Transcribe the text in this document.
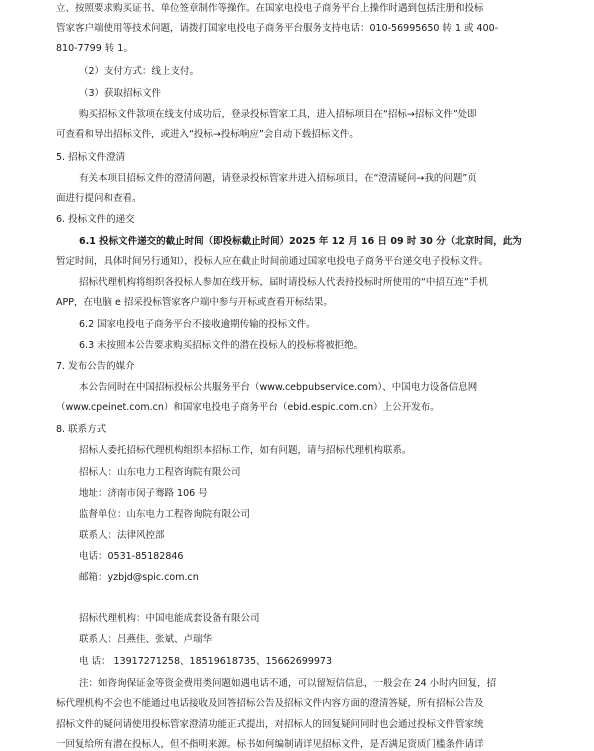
立、按照要求购买证书、单位签章制作等操作。在国家电投电子商务平台上操作时遇到包括注册和投标
管家客户端使用等技术问题，请拨打国家电投电子商务平台服务支持电话：010-56995650 转 1 或 400-
810-7799 转 1。
（2）支付方式：线上支付。
（3）获取招标文件
购买招标文件款项在线支付成功后，登录投标管家工具，进入招标项目在“招标→招标文件”处即
可查看和导出招标文件，或进入“投标→投标响应”会自动下载招标文件。
5. 招标文件澄清
有关本项目招标文件的澄清问题，请登录投标管家并进入招标项目，在“澄清疑问→我的问题”页
面进行提问和查看。
6. 投标文件的递交
6.1 投标文件递交的截止时间（即投标截止时间）2025 年 12 月 16 日 09 时 30 分（北京时间，此为
暂定时间，具体时间另行通知），投标人应在截止时间前通过国家电投电子商务平台递交电子投标文件。
招标代理机构将组织各投标人参加在线开标，届时请投标人代表持投标时所使用的“中招互连”手机
APP，在电脑 e 招采投标管家客户端中参与开标或查看开标结果。
6.2 国家电投电子商务平台不接收逾期传输的投标文件。
6.3 未按照本公告要求购买招标文件的潜在投标人的投标将被拒绝。
7. 发布公告的媒介
本公告同时在中国招标投标公共服务平台（www.cebpubservice.com）、中国电力设备信息网
（www.cpeinet.com.cn）和国家电投电子商务平台（ebid.espic.com.cn）上公开发布。
8. 联系方式
招标人委托招标代理机构组织本招标工作，如有问题，请与招标代理机构联系。
招标人：山东电力工程咨询院有限公司
地址：济南市闵子骞路 106 号
监督单位：山东电力工程咨询院有限公司
联系人：法律风控部
电话：0531-85182846
邮箱：yzbjd@spic.com.cn
招标代理机构：中国电能成套设备有限公司
联系人：吕燕佳、张斌、卢瑞华
电 话： 13917271258、18519618735、15662699973
注：如咨询保证金等资金费用类问题如遇电话不通，可以留短信信息，一般会在 24 小时内回复，招
标代理机构不会也不能通过电话接收及回答招标公告及招标文件内容方面的澄清答疑，所有招标公告及
招标文件的疑问请使用投标管家澄清功能正式提出，对招标人的回复疑问同时也会通过投标文件管家统
一回复给所有潜在投标人，但不指明来源。标书如何编制请详见招标文件，是否满足资质门槛条件请详
